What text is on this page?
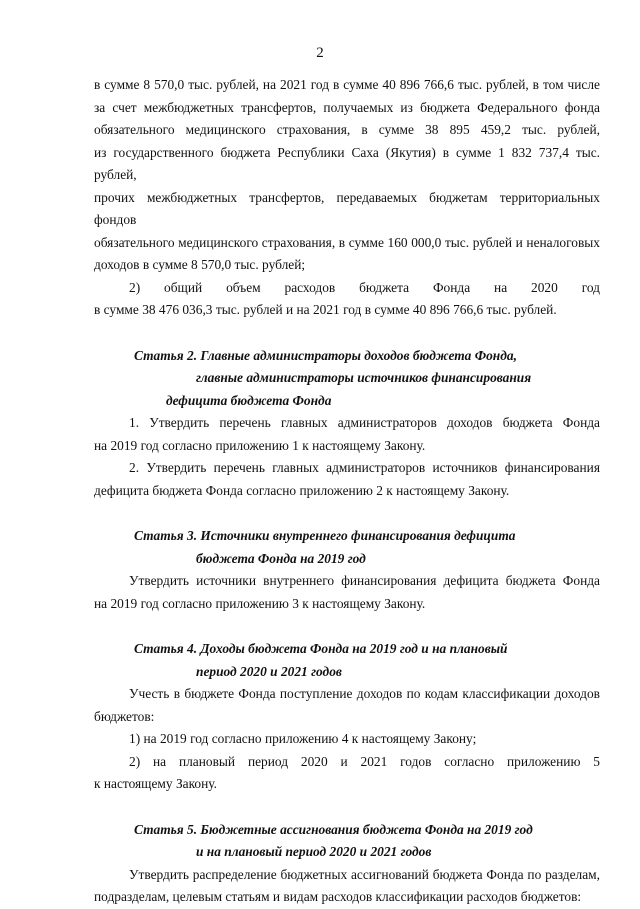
2

в сумме 8 570,0 тыс. рублей, на 2021 год в сумме 40 896 766,6 тыс. рублей, в том числе
за счет межбюджетных трансфертов, получаемых из бюджета Федерального фонда
обязательного медицинского страхования, в сумме 38 895 459,2 тыс. рублей,
из государственного бюджета Республики Саха (Якутия) в сумме 1 832 737,4 тыс. рублей,
прочих межбюджетных трансфертов, передаваемых бюджетам территориальных фондов
обязательного медицинского страхования, в сумме 160 000,0 тыс. рублей и неналоговых
доходов в сумме 8 570,0 тыс. рублей;

2) общий объем расходов бюджета Фонда на 2020 год
в сумме 38 476 036,3 тыс. рублей и на 2021 год в сумме 40 896 766,6 тыс. рублей.

Статья 2. Главные администраторы доходов бюджета Фонда,
главные администраторы источников финансирования
дефицита бюджета Фонда

1. Утвердить перечень главных администраторов доходов бюджета Фонда
на 2019 год согласно приложению 1 к настоящему Закону.

2. Утвердить перечень главных администраторов источников финансирования
дефицита бюджета Фонда согласно приложению 2 к настоящему Закону.

Статья 3. Источники внутреннего финансирования дефицита
бюджета Фонда на 2019 год

Утвердить источники внутреннего финансирования дефицита бюджета Фонда
на 2019 год согласно приложению 3 к настоящему Закону.

Статья 4. Доходы бюджета Фонда на 2019 год и на плановый
период 2020 и 2021 годов

Учесть в бюджете Фонда поступление доходов по кодам классификации доходов
бюджетов:

1) на 2019 год согласно приложению 4 к настоящему Закону;

2) на плановый период 2020 и 2021 годов согласно приложению 5
к настоящему Закону.

Статья 5. Бюджетные ассигнования бюджета Фонда на 2019 год
и на плановый период 2020 и 2021 годов

Утвердить распределение бюджетных ассигнований бюджета Фонда по разделам,
подразделам, целевым статьям и видам расходов классификации расходов бюджетов:
